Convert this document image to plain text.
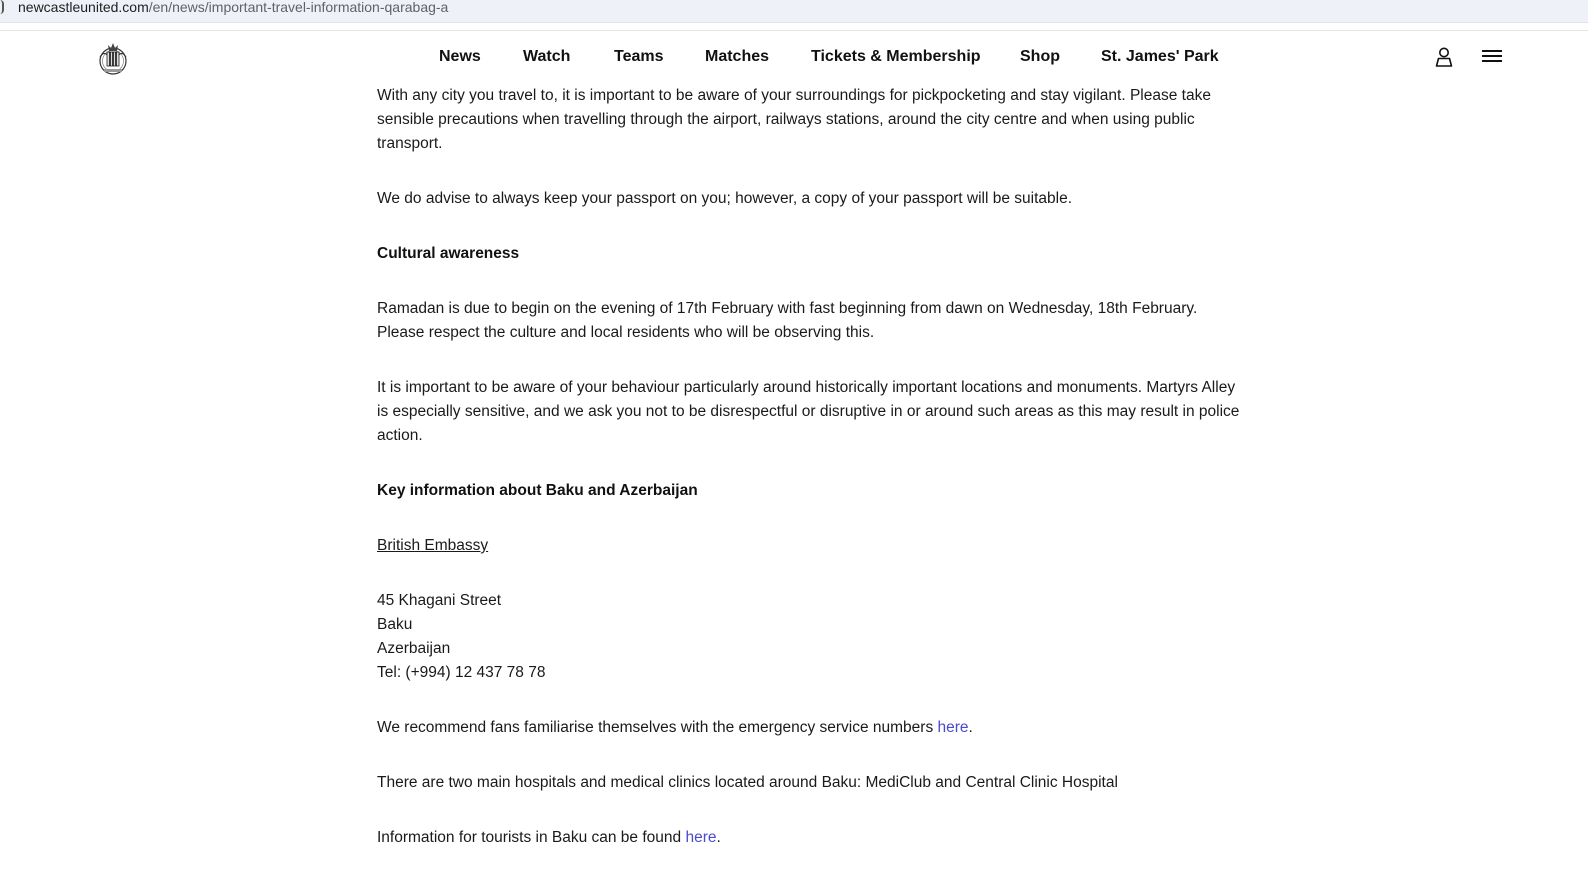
newcastleunited.com/en/news/important-travel-information-qarabag-a
News	Watch	Teams	Matches	Tickets & Membership Shop	St. James' Park

With any city you travel to, it is important to be aware of your surroundings for pickpocketing and stay vigilant. Please take sensible precautions when travelling through the airport, railways stations, around the city centre and when using public transport.

We do advise to always keep your passport on you; however, a copy of your passport will be suitable.

Cultural awareness

Ramadan is due to begin on the evening of 17th February with fast beginning from dawn on Wednesday, 18th February. Please respect the culture and local residents who will be observing this.

It is important to be aware of your behaviour particularly around historically important locations and monuments. Martyrs Alley is especially sensitive, and we ask you not to be disrespectful or disruptive in or around such areas as this may result in police action.

Key information about Baku and Azerbaijan

British Embassy

45 Khagani Street
Baku
Azerbaijan
Tel: (+994) 12 437 78 78

We recommend fans familiarise themselves with the emergency service numbers here.

There are two main hospitals and medical clinics located around Baku: MediClub and Central Clinic Hospital

Information for tourists in Baku can be found here.
